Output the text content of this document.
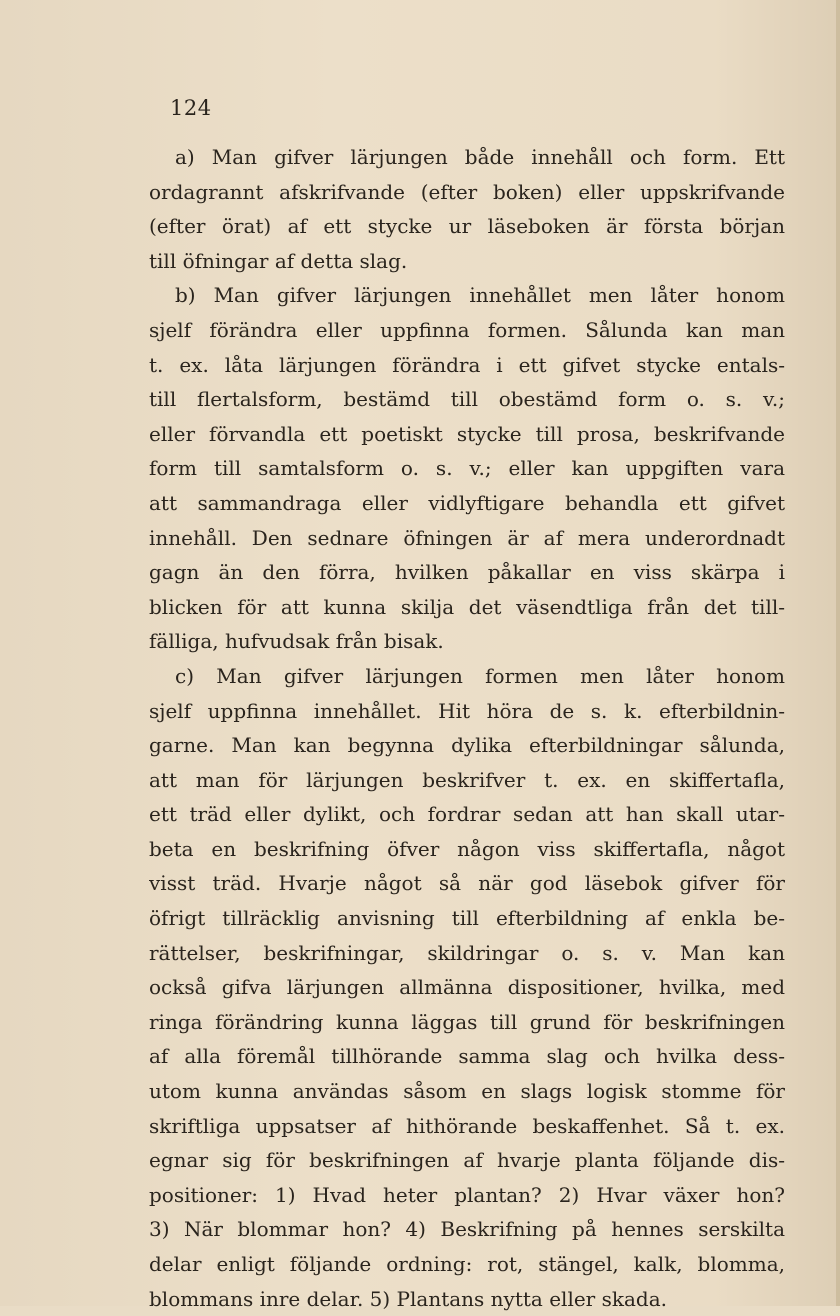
124
a) Man gifver lärjungen både innehåll och form. Ett
ordagrannt afskrifvande (efter boken) eller uppskrifvande
(efter örat) af ett stycke ur läseboken är första början
till öfningar af detta slag.
b) Man gifver lärjungen innehållet men låter honom
sjelf förändra eller uppfinna formen. Sålunda kan man
t. ex. låta lärjungen förändra i ett gifvet stycke entals-
till flertalsform, bestämd till obestämd form o. s. v.;
eller förvandla ett poetiskt stycke till prosa, beskrifvande
form till samtalsform o. s. v.; eller kan uppgiften vara
att sammandraga eller vidlyftigare behandla ett gifvet
innehåll. Den sednare öfningen är af mera underordnadt
gagn än den förra, hvilken påkallar en viss skärpa i
blicken för att kunna skilja det väsendtliga från det till-
fälliga, hufvudsak från bisak.
c) Man gifver lärjungen formen men låter honom
sjelf uppfinna innehållet. Hit höra de s. k. efterbildnin-
garne. Man kan begynna dylika efterbildningar sålunda,
att man för lärjungen beskrifver t. ex. en skiffertafla,
ett träd eller dylikt, och fordrar sedan att han skall utar-
beta en beskrifning öfver någon viss skiffertafla, något
visst träd. Hvarje något så när god läsebok gifver för
öfrigt tillräcklig anvisning till efterbildning af enkla be-
rättelser, beskrifningar, skildringar o. s. v. Man kan
också gifva lärjungen allmänna dispositioner, hvilka, med
ringa förändring kunna läggas till grund för beskrifningen
af alla föremål tillhörande samma slag och hvilka dess-
utom kunna användas såsom en slags logisk stomme för
skriftliga uppsatser af hithörande beskaffenhet. Så t. ex.
egnar sig för beskrifningen af hvarje planta följande dis-
positioner: 1) Hvad heter plantan? 2) Hvar växer hon?
3) När blommar hon? 4) Beskrifning på hennes serskilta
delar enligt följande ordning: rot, stängel, kalk, blomma,
blommans inre delar. 5) Plantans nytta eller skada.
